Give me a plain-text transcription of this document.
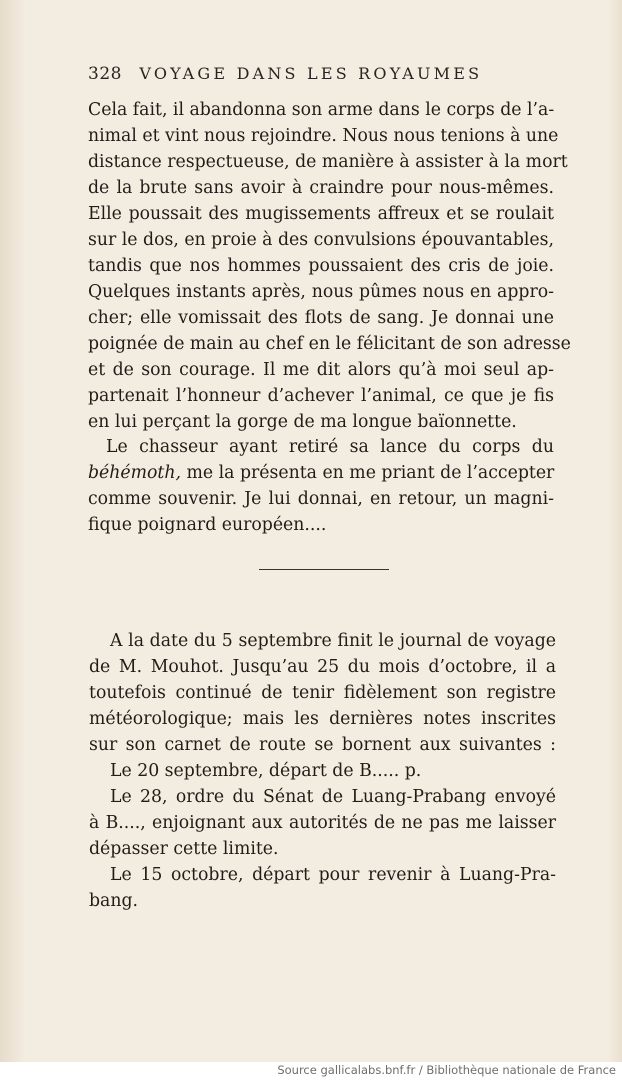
328 VOYAGE DANS LES ROYAUMES
Cela fait, il abandonna son arme dans le corps de l’a-
nimal et vint nous rejoindre. Nous nous tenions à une
distance respectueuse, de manière à assister à la mort
de la brute sans avoir à craindre pour nous-mêmes.
Elle poussait des mugissements affreux et se roulait
sur le dos, en proie à des convulsions épouvantables,
tandis que nos hommes poussaient des cris de joie.
Quelques instants après, nous pûmes nous en appro-
cher; elle vomissait des flots de sang. Je donnai une
poignée de main au chef en le félicitant de son adresse
et de son courage. Il me dit alors qu’à moi seul ap-
partenait l’honneur d’achever l’animal, ce que je fis
en lui perçant la gorge de ma longue baïonnette.
Le chasseur ayant retiré sa lance du corps du
béhémoth, me la présenta en me priant de l’accepter
comme souvenir. Je lui donnai, en retour, un magni-
fique poignard européen....
A la date du 5 septembre finit le journal de voyage
de M. Mouhot. Jusqu’au 25 du mois d’octobre, il a
toutefois continué de tenir fidèlement son registre
météorologique; mais les dernières notes inscrites
sur son carnet de route se bornent aux suivantes :
Le 20 septembre, départ de B..... p.
Le 28, ordre du Sénat de Luang-Prabang envoyé
à B...., enjoignant aux autorités de ne pas me laisser
dépasser cette limite.
Le 15 octobre, départ pour revenir à Luang-Pra-
bang.
Source gallicalabs.bnf.fr / Bibliothèque nationale de France
